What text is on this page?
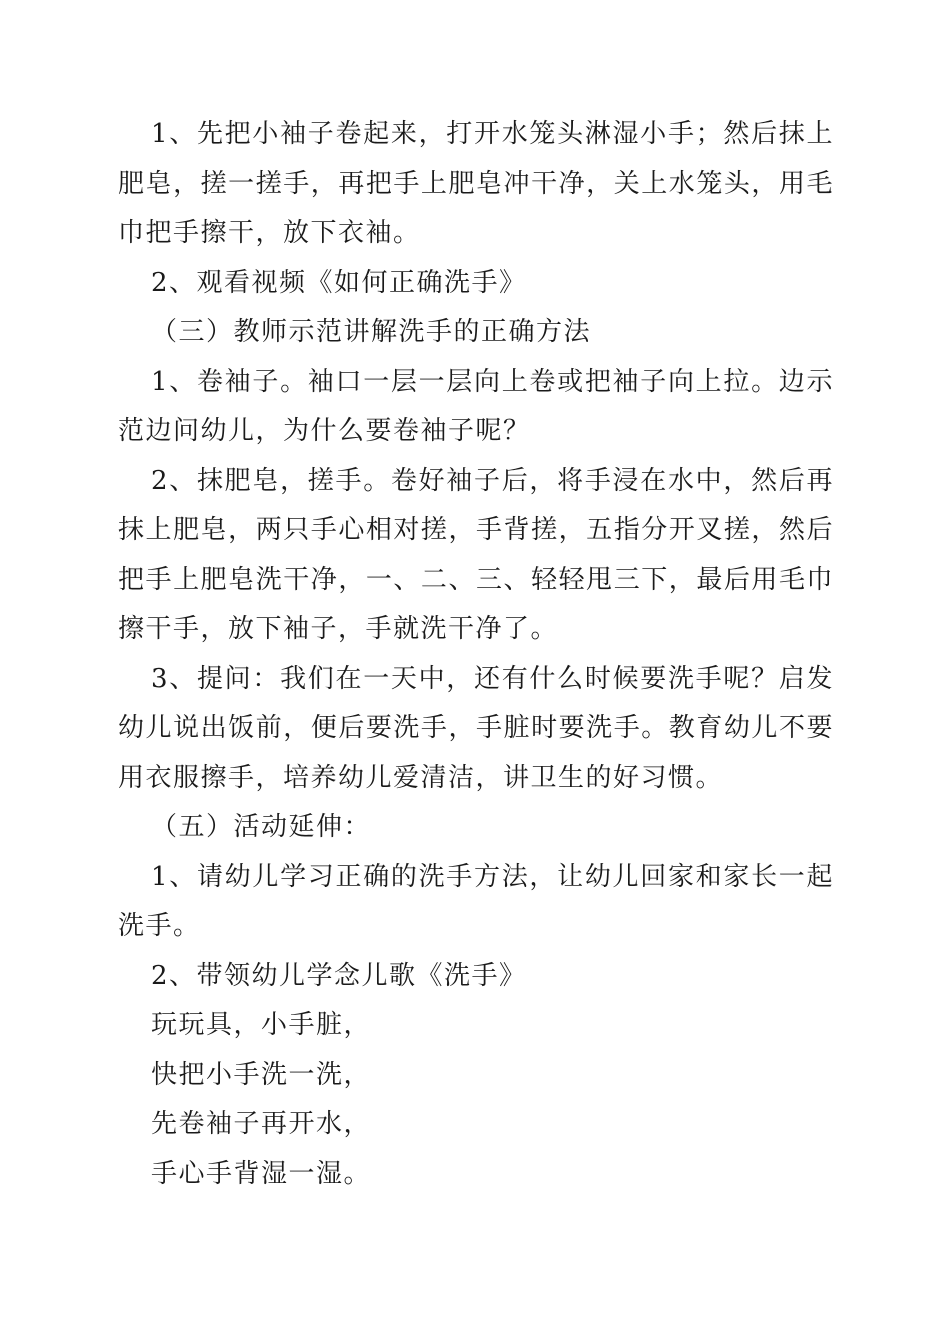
1、先把小袖子卷起来，打开水笼头淋湿小手；然后抹上肥皂，搓一搓手，再把手上肥皂冲干净，关上水笼头，用毛巾把手擦干，放下衣袖。

2、观看视频《如何正确洗手》

（三）教师示范讲解洗手的正确方法

1、卷袖子。袖口一层一层向上卷或把袖子向上拉。边示范边问幼儿，为什么要卷袖子呢？

2、抹肥皂，搓手。卷好袖子后，将手浸在水中，然后再抹上肥皂，两只手心相对搓，手背搓，五指分开叉搓，然后把手上肥皂洗干净，一、二、三、轻轻甩三下，最后用毛巾擦干手，放下袖子，手就洗干净了。

3、提问：我们在一天中，还有什么时候要洗手呢？启发幼儿说出饭前，便后要洗手，手脏时要洗手。教育幼儿不要用衣服擦手，培养幼儿爱清洁，讲卫生的好习惯。

（五）活动延伸：

1、请幼儿学习正确的洗手方法，让幼儿回家和家长一起洗手。

2、带领幼儿学念儿歌《洗手》

玩玩具，小手脏，

快把小手洗一洗，

先卷袖子再开水，

手心手背湿一湿。
